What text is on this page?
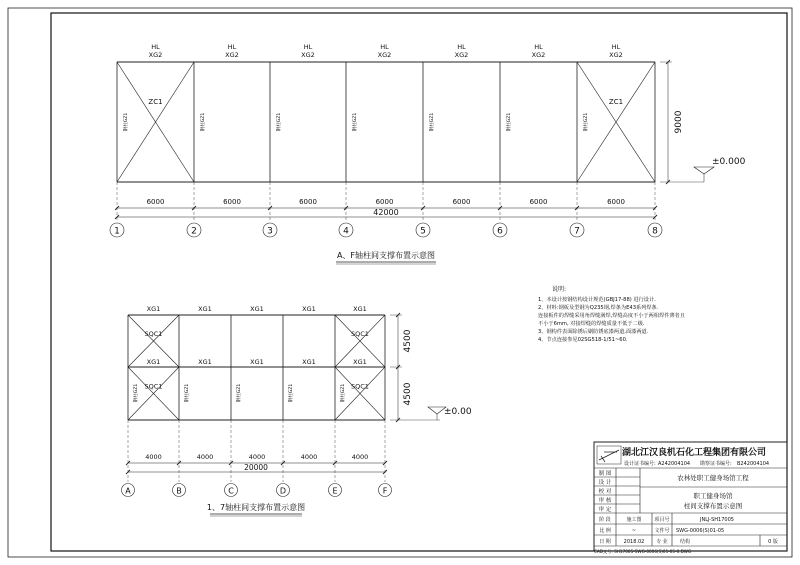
1
HL
XG2
6000
钢柱GZ1
2
HL
XG2
6000
钢柱GZ1
3
HL
XG2
6000
钢柱GZ1
4
HL
XG2
6000
钢柱GZ1
5
HL
XG2
6000
钢柱GZ1
6
HL
XG2
6000
钢柱GZ1
7
HL
XG2
6000
钢柱GZ1
8
ZC1	ZC1
42000
9000
±0.000
A
XG1
XG1
4000
钢柱GZ1
B
XG1
XG1
4000
钢柱GZ1
C
XG1
XG1
4000
钢柱GZ1
D
XG1
XG1
4000
钢柱GZ1
E
XG1
XG1
4000
钢柱GZ1
F
SQC1
SQC1
SQC1
SQC1
20000
4500
4500
±0.00
A、F轴柱间支撑布置示意图
1、7轴柱间支撑布置示意图
湖北江汉良机石化工程集团有限公司
设计证书编号: A242004104 勘察证书编号: B242004104
制 图
设 计
校 对
审 核
审 定
农林处职工健身场馆工程
职工健身场馆
柱间支撑布置示意图
阶 段	施工图	项目号	JNLJ-SH17005
比 例	~	文件号 SWG-0006(S)01-05
日 期	2018.02 专 业 结构	0 版
CAD文号: SH17005-SWG-0006(S)01-05-0.DWG
说明:
1、本设计按钢结构设计规范(GBJ17-88) 进行设计.
2、材料:钢板及型钢为Q235钢,焊条为E43系列焊条.
连接板件的焊缝采用角焊缝满焊,焊缝高度不小于两相焊件薄者且
不小于6mm, 对接焊缝的焊缝质量不低于二级.
3、钢构件表面除锈后刷防锈底漆两道,面漆两道.
4、节点连接参见02SG518-1/51~60.
